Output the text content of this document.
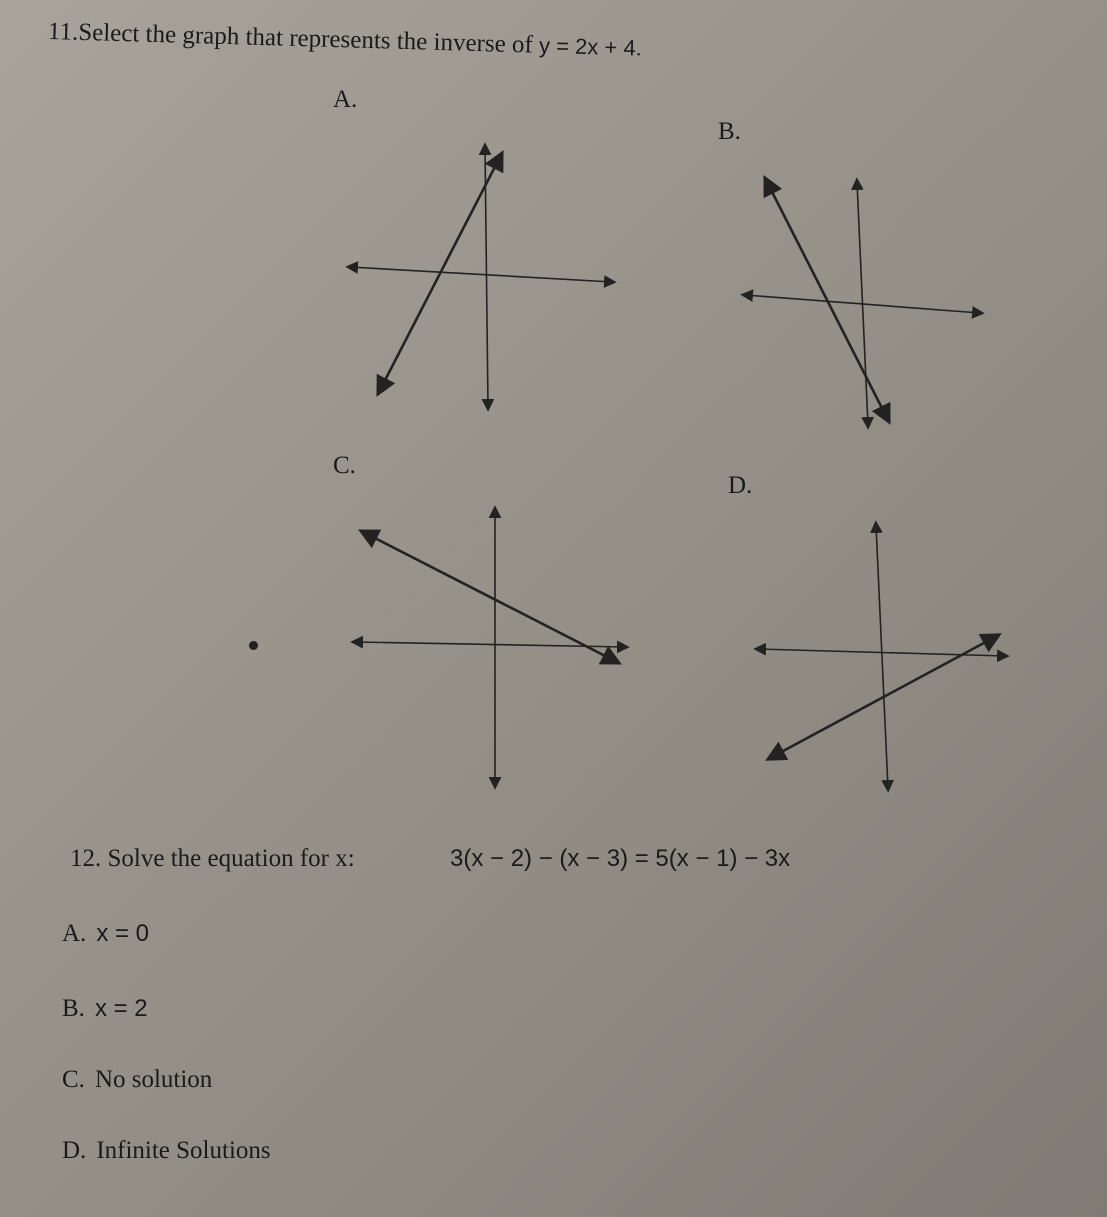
11.Select the graph that represents the inverse of y = 2x + 4.
A.
B.
C.
D.
12. Solve the equation for x:	3(x − 2) − (x − 3) = 5(x − 1) − 3x
A. x = 0
B. x = 2
C. No solution
D. Infinite Solutions
